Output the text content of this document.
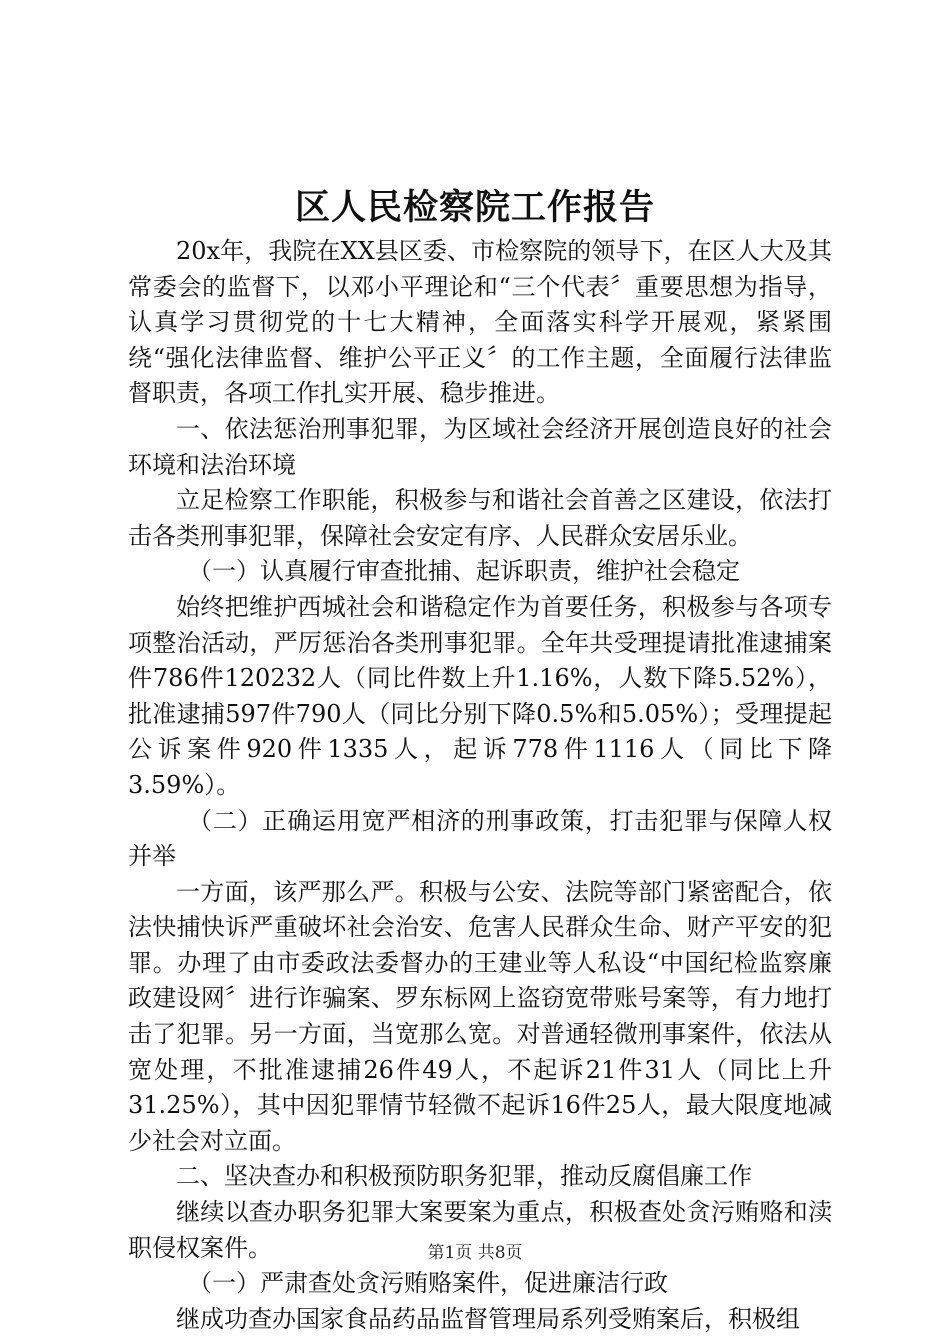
区人民检察院工作报告

20x年，我院在XX县区委、市检察院的领导下，在区人大及其常委会的监督下，以邓小平理论和“三个代表〞重要思想为指导，认真学习贯彻党的十七大精神，全面落实科学开展观，紧紧围绕“强化法律监督、维护公平正义〞的工作主题，全面履行法律监督职责，各项工作扎实开展、稳步推进。

一、依法惩治刑事犯罪，为区域社会经济开展创造良好的社会环境和法治环境

立足检察工作职能，积极参与和谐社会首善之区建设，依法打击各类刑事犯罪，保障社会安定有序、人民群众安居乐业。

（一）认真履行审查批捕、起诉职责，维护社会稳定

始终把维护西城社会和谐稳定作为首要任务，积极参与各项专项整治活动，严厉惩治各类刑事犯罪。全年共受理提请批准逮捕案件786件120232人（同比件数上升1.16%，人数下降5.52%），批准逮捕597件790人（同比分别下降0.5%和5.05%）；受理提起公诉案件920件1335人，起诉778件1116人（同比下降3.59%）。

（二）正确运用宽严相济的刑事政策，打击犯罪与保障人权并举

一方面，该严那么严。积极与公安、法院等部门紧密配合，依法快捕快诉严重破坏社会治安、危害人民群众生命、财产平安的犯罪。办理了由市委政法委督办的王建业等人私设“中国纪检监察廉政建设网〞进行诈骗案、罗东标网上盗窃宽带账号案等，有力地打击了犯罪。另一方面，当宽那么宽。对普通轻微刑事案件，依法从宽处理，不批准逮捕26件49人，不起诉21件31人（同比上升31.25%），其中因犯罪情节轻微不起诉16件25人，最大限度地减少社会对立面。

二、坚决查办和积极预防职务犯罪，推动反腐倡廉工作

继续以查办职务犯罪大案要案为重点，积极查处贪污贿赂和渎职侵权案件。

（一）严肃查处贪污贿赂案件，促进廉洁行政

继成功查办国家食品药品监督管理局系列受贿案后，积极组

第1页 共8页
